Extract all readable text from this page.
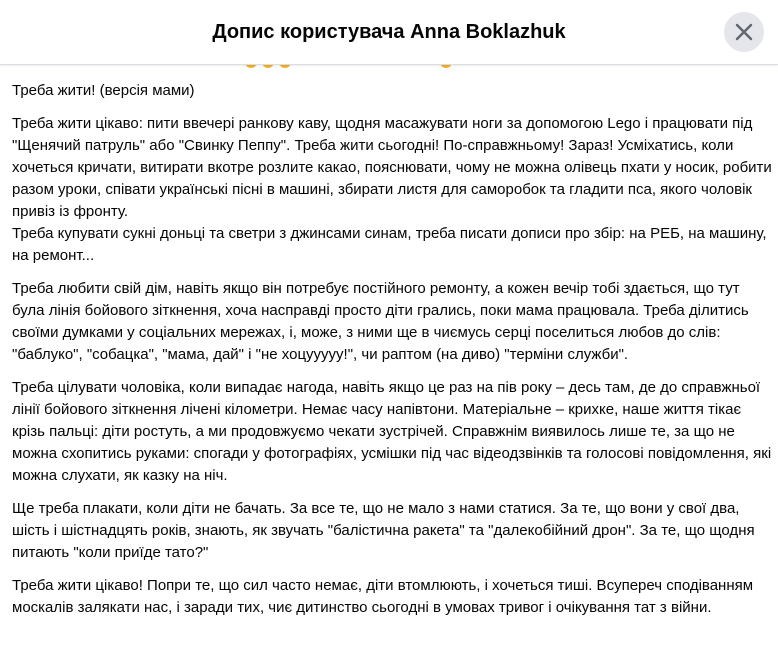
Допис користувача Anna Boklazhuk

Треба жити! (версія мами)

Треба жити цікаво: пити ввечері ранкову каву, щодня масажувати ноги за допомогою Lego і працювати під "Щенячий патруль" або "Свинку Пеппу". Треба жити сьогодні! По-справжньому! Зараз! Усміхатись, коли хочеться кричати, витирати вкотре розлите какао, пояснювати, чому не можна олівець пхати у носик, робити разом уроки, співати українські пісні в машині, збирати листя для саморобок та гладити пса, якого чоловік привіз із фронту.
Треба купувати сукні доньці та светри з джинсами синам, треба писати дописи про збір: на РЕБ, на машину, на ремонт...

Треба любити свій дім, навіть якщо він потребує постійного ремонту, а кожен вечір тобі здається, що тут була лінія бойового зіткнення, хоча насправді просто діти грались, поки мама працювала. Треба ділитись своїми думками у соціальних мережах, і, може, з ними ще в чиємусь серці поселиться любов до слів: "баблуко", "собацка", "мама, дай" і "не хоцууууу!", чи раптом (на диво) "терміни служби".

Треба цілувати чоловіка, коли випадає нагода, навіть якщо це раз на пів року – десь там, де до справжньої лінії бойового зіткнення лічені кілометри. Немає часу напівтони. Матеріальне – крихке, наше життя тікає крізь пальці: діти ростуть, а ми продовжуємо чекати зустрічей. Справжнім виявилось лише те, за що не можна схопитись руками: спогади у фотографіях, усмішки під час відеодзвінків та голосові повідомлення, які можна слухати, як казку на ніч.

Ще треба плакати, коли діти не бачать. За все те, що не мало з нами статися. За те, що вони у свої два, шість і шістнадцять років, знають, як звучать "балістична ракета" та "далекобійний дрон". За те, що щодня питають "коли приїде тато?"

Треба жити цікаво! Попри те, що сил часто немає, діти втомлюють, і хочеться тиші. Всупереч сподіванням москалів залякати нас, і заради тих, чиє дитинство сьогодні в умовах тривог і очікування тат з війни.
